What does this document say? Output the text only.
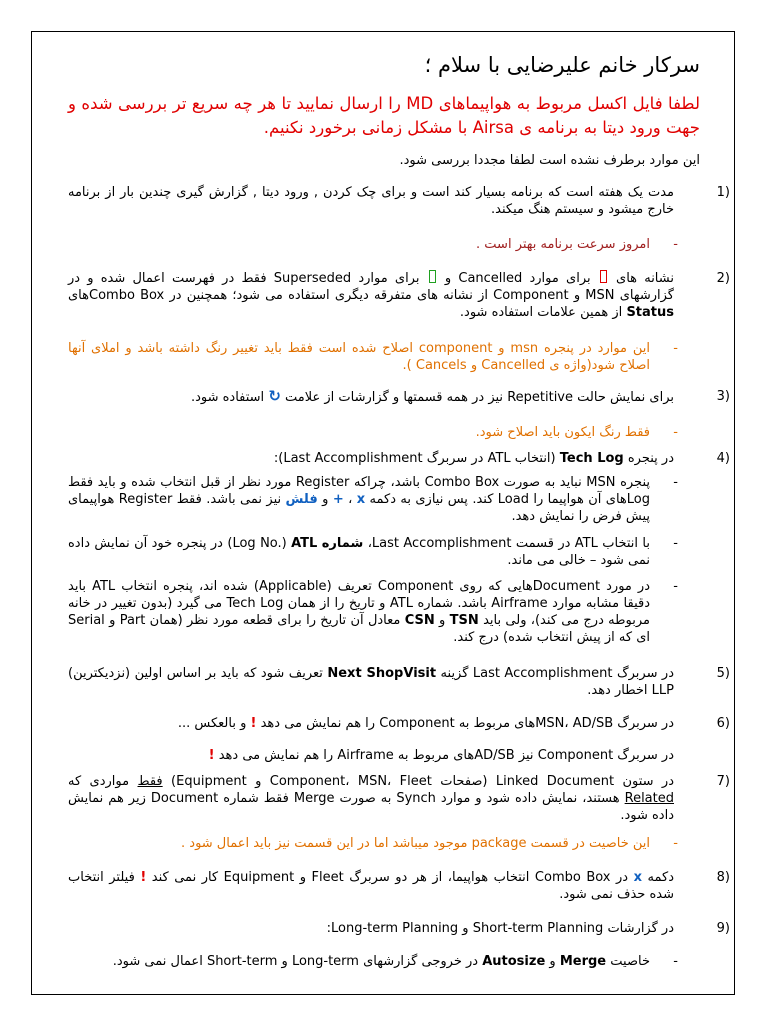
سرکار خانم علیرضایی با سلام ؛
لطفا فایل اکسل مربوط به هواپیماهای MD را ارسال نمایید تا هر چه سریع تر بررسی شده و جهت ورود دیتا به برنامه ی Airsa با مشکل زمانی برخورد نکنیم.
این موارد برطرف نشده است لطفا مجددا بررسی شود.
1)
مدت یک هفته است که برنامه بسیار کند است و برای چک کردن , ورود دیتا , گزارش گیری چندین بار از برنامه خارج میشود و سیستم هنگ میکند.
-
امروز سرعت برنامه بهتر است .
2)
نشانه های  برای موارد Cancelled و  برای موارد Superseded فقط در فهرست اعمال شده و در گزارشهای MSN و Component از نشانه های متفرقه دیگری استفاده می شود؛ همچنین در Combo Boxهای Status از همین علامات استفاده شود.
-
این موارد در پنجره msn و component اصلاح شده است فقط باید تغییر رنگ داشته باشد و املای آنها اصلاح شود(واژه ی Cancelled و Cancels ).
3)
برای نمایش حالت Repetitive نیز در همه قسمتها و گزارشات از علامت ↻ استفاده شود.
-
فقط رنگ ایکون باید اصلاح شود.
4)
در پنجره Tech Log (انتخاب ATL در سربرگ Last Accomplishment):
-
پنجره MSN نباید به صورت Combo Box باشد، چراکه Register مورد نظر از قبل انتخاب شده و باید فقط Logهای آن هواپیما را Load کند. پس نیازی به دکمه x ، + و فلش نیز نمی باشد. فقط Register هواپیمای پیش فرض را نمایش دهد.
-
با انتخاب ATL در قسمت Last Accomplishment، شماره (Log No.) ATL در پنجره خود آن نمایش داده نمی شود – خالی می ماند.
-
در مورد Documentهایی که روی Component تعریف (Applicable) شده اند، پنجره انتخاب ATL باید دقیقا مشابه موارد Airframe باشد. شماره ATL و تاریخ را از همان Tech Log می گیرد (بدون تغییر در خانه مربوطه درج می کند)، ولی باید TSN و CSN معادل آن تاریخ را برای قطعه مورد نظر (همان Part و Serial ای که از پیش انتخاب شده) درج کند.
5)
در سربرگ Last Accomplishment گزینه Next ShopVisit تعریف شود که باید بر اساس اولین (نزدیکترین) LLP اخطار دهد.
6)
در سربرگ MSN، AD/SBهای مربوط به Component را هم نمایش می دهد ! و بالعکس ...
در سربرگ Component نیز AD/SBهای مربوط به Airframe را هم نمایش می دهد !
7)
در ستون Linked Document (صفحات Component، MSN، Fleet و Equipment) فقط مواردی که Related هستند، نمایش داده شود و موارد Synch به صورت Merge فقط شماره Document زیر هم نمایش داده شود.
-
این خاصیت در قسمت package موجود میباشد اما در این قسمت نیز باید اعمال شود .
8)
دکمه x در Combo Box انتخاب هواپیما، از هر دو سربرگ Fleet و Equipment کار نمی کند ! فیلتر انتخاب شده حذف نمی شود.
9)
در گزارشات Short-term Planning و Long-term Planning:
-
خاصیت Merge و Autosize در خروجی گزارشهای Long-term و Short-term اعمال نمی شود.
